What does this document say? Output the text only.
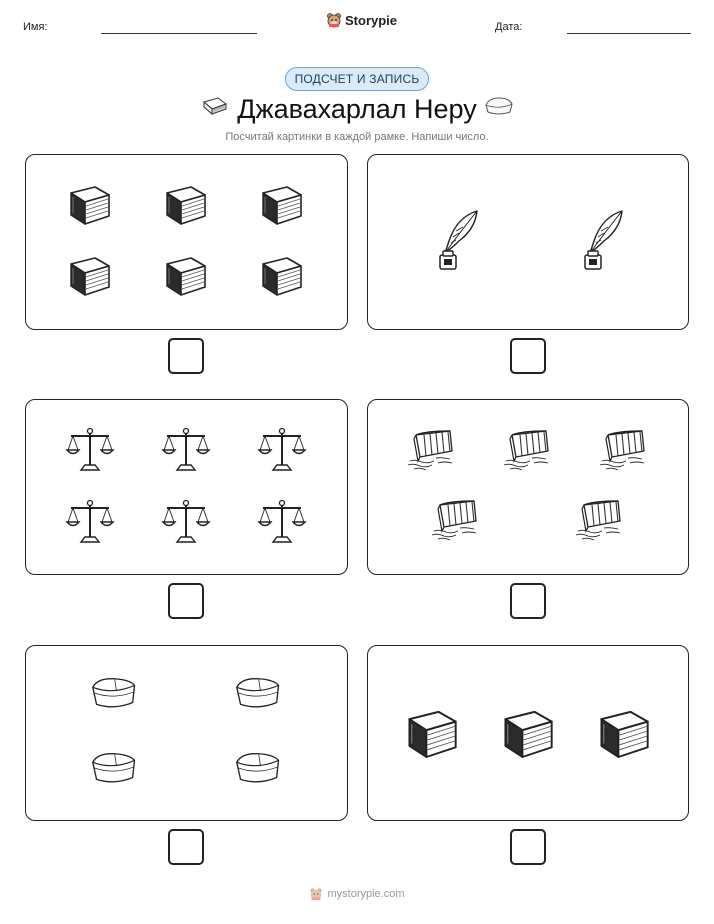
Имя:	Storypie	Дата:
ПОДСЧЕТ И ЗАПИСЬ
Джавахарлал Неру
Посчитай картинки в каждой рамке. Напиши число.
mystorypie.com
